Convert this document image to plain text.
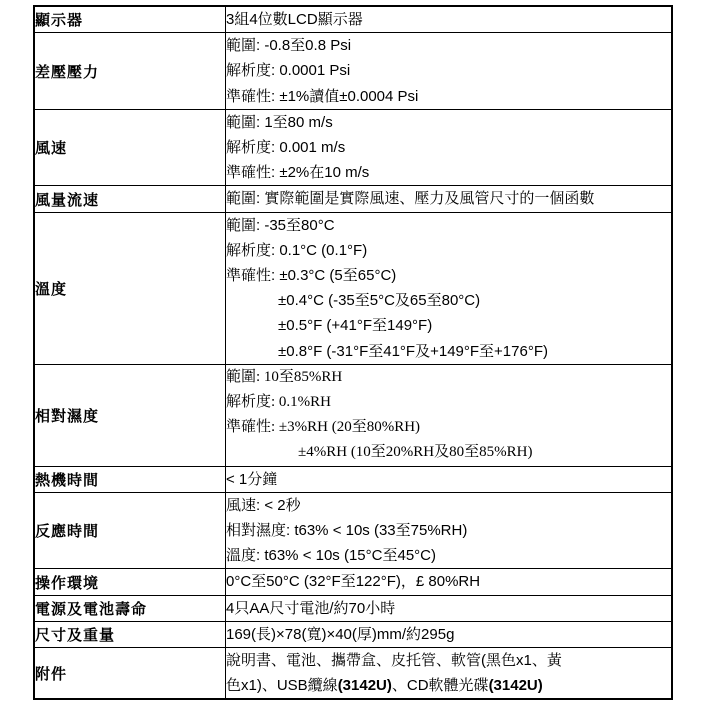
顯示器	3組4位數LCD顯示器

差壓壓力	範圍: -0.8至0.8 Psi
解析度: 0.0001 Psi
準確性: ±1%讀值±0.0004 Psi

風速	範圍: 1至80 m/s
解析度: 0.001 m/s
準確性: ±2%在10 m/s

風量流速	範圍: 實際範圍是實際風速、壓力及風管尺寸的一個函數

溫度	
範圍: -35至80°C
解析度: 0.1°C (0.1°F)
準確性: ±0.3°C (5至65°C)
±0.4°C (-35至5°C及65至80°C)
±0.5°F (+41°F至149°F)
±0.8°F (-31°F至41°F及+149°F至+176°F)

相對濕度	範圍: 10至85%RH
解析度: 0.1%RH
準確性: ±3%RH (20至80%RH)
±4%RH (10至20%RH及80至85%RH)

熱機時間	< 1分鐘

反應時間	風速: < 2秒
相對濕度: t63% < 10s (33至75%RH)
溫度: t63% < 10s (15°C至45°C)

操作環境	0°C至50°C (32°F至122°F)，£ 80%RH

電源及電池壽命	4只AA尺寸電池/約70小時

尺寸及重量	169(長)×78(寬)×40(厚)mm/約295g

附件	說明書、電池、攜帶盒、皮托管、軟管(黑色x1、黃
色x1)、USB纜線(3142U)、CD軟體光碟(3142U)
